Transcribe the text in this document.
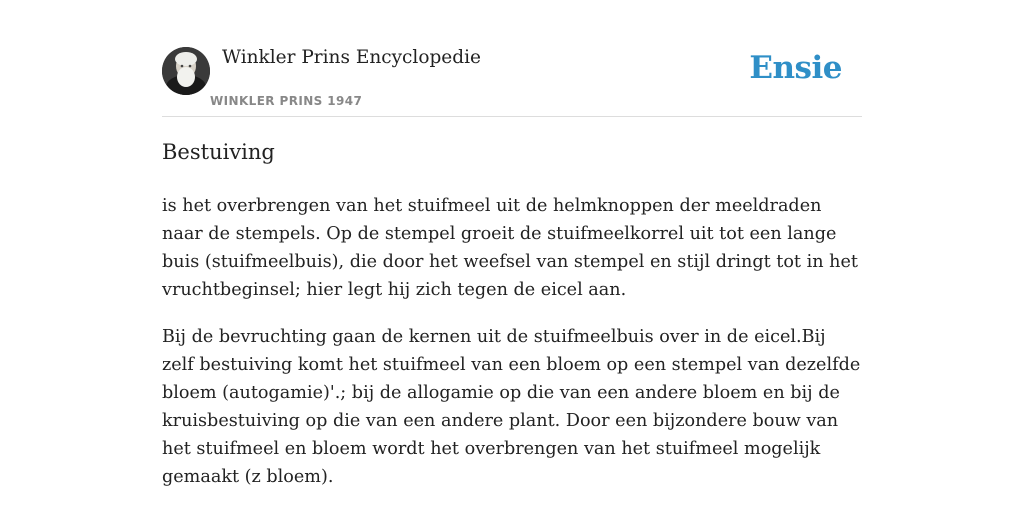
Winkler Prins Encyclopedie
WINKLER PRINS 1947
Ensie
Bestuiving

is het overbrengen van het stuifmeel uit de helmknoppen der meeldraden naar de stempels. Op de stempel groeit de stuifmeelkorrel uit tot een lange buis (stuifmeelbuis), die door het weefsel van stempel en stijl dringt tot in het vruchtbeginsel; hier legt hij zich tegen de eicel aan.

Bij de bevruchting gaan de kernen uit de stuifmeelbuis over in de eicel.Bij zelf bestuiving komt het stuifmeel van een bloem op een stempel van dezelfde bloem (autogamie)'.; bij de allogamie op die van een andere bloem en bij de kruisbestuiving op die van een andere plant. Door een bijzondere bouw van het stuifmeel en bloem wordt het overbrengen van het stuifmeel mogelijk gemaakt (z bloem).
